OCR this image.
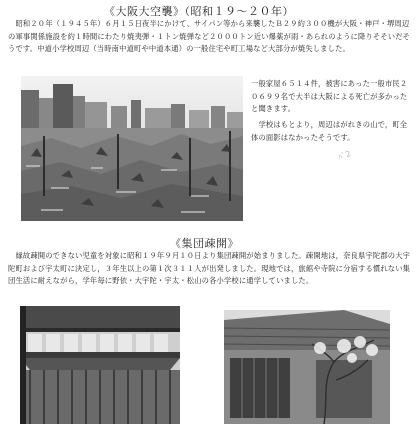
《大阪大空襲》（昭和１９～２０年）
　昭和２０年（１９４５年）６月１５日夜半にかけて、サイパン等から来襲したＢ２９約３００機が大阪・神戸・堺周辺の軍事関係施設を約１時間にわたり焼夷弾・１トン焼弾など２０００トン近い爆薬が雨・あられのように降りそそいだそうです。中道小学校周辺（当時南中道町や中道本通）の一般住宅や町工場など大部分が焼失しました。
一般家屋６５１４件，被害にあった一般市民２０６９９名で大半は大阪による死亡が多かったと聞きます。
　学校はもとより，周辺はがれきの山で，町全体の面影はなかったそうです。
ﾊﾞ2
《集団疎開》
　縁故疎開のできない児童を対象に昭和１９年９月１０日より集団疎開が始まりました。疎開地は，奈良県宇陀郡の大宇陀町および宇太町に決定し，３年生以上の第１次３１１人が出発しました。現地では，旅館や寺院に分宿する慣れない集団生活に耐えながら，学年毎に野依・大宇陀・宇太・松山の各小学校に通学していました。
